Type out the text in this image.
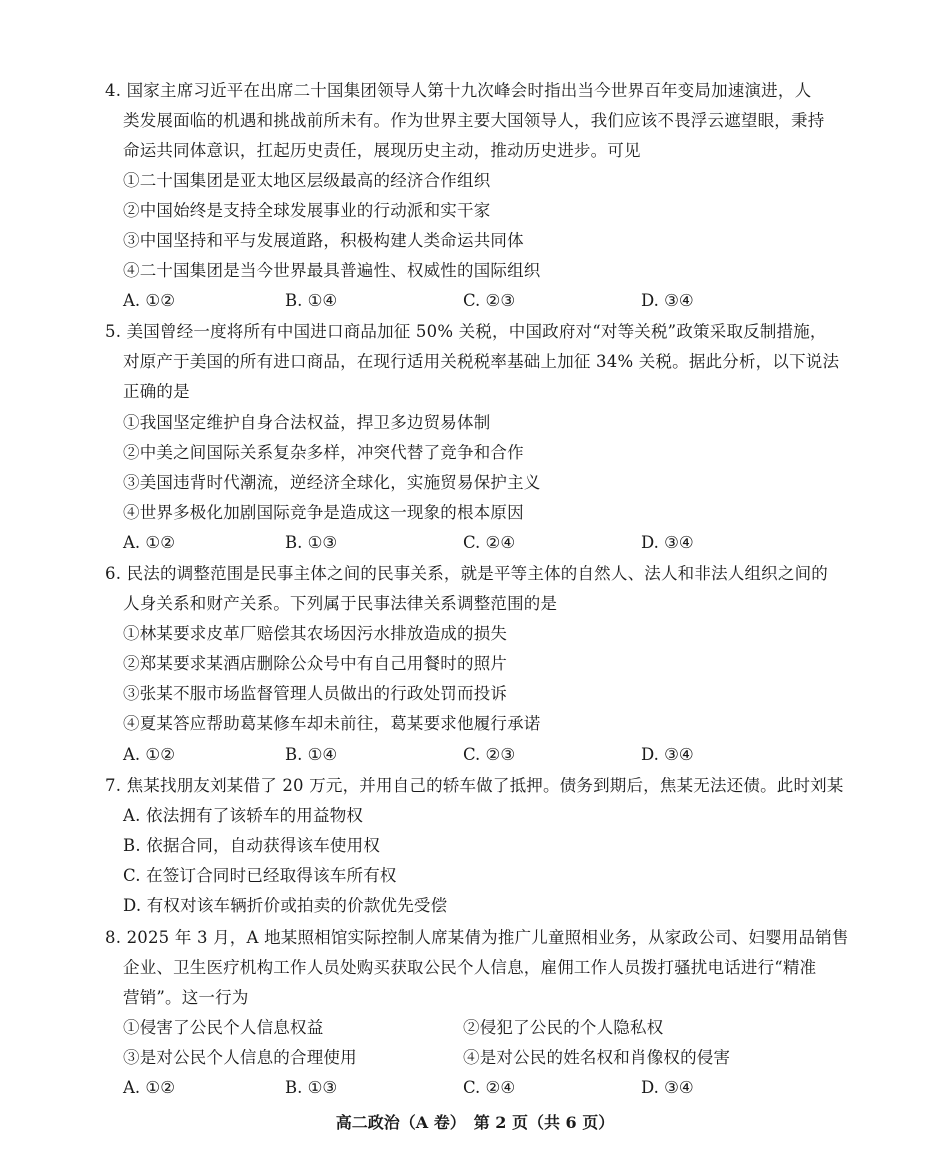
4. 国家主席习近平在出席二十国集团领导人第十九次峰会时指出当今世界百年变局加速演进，人
类发展面临的机遇和挑战前所未有。作为世界主要大国领导人，我们应该不畏浮云遮望眼，秉持
命运共同体意识，扛起历史责任，展现历史主动，推动历史进步。可见
①二十国集团是亚太地区层级最高的经济合作组织
②中国始终是支持全球发展事业的行动派和实干家
③中国坚持和平与发展道路，积极构建人类命运共同体
④二十国集团是当今世界最具普遍性、权威性的国际组织
A. ①②	B. ①④	C. ②③	D. ③④
5. 美国曾经一度将所有中国进口商品加征 50% 关税，中国政府对“对等关税”政策采取反制措施，
对原产于美国的所有进口商品，在现行适用关税税率基础上加征 34% 关税。据此分析，以下说法
正确的是
①我国坚定维护自身合法权益，捍卫多边贸易体制
②中美之间国际关系复杂多样，冲突代替了竞争和合作
③美国违背时代潮流，逆经济全球化，实施贸易保护主义
④世界多极化加剧国际竞争是造成这一现象的根本原因
A. ①②	B. ①③	C. ②④	D. ③④
6. 民法的调整范围是民事主体之间的民事关系，就是平等主体的自然人、法人和非法人组织之间的
人身关系和财产关系。下列属于民事法律关系调整范围的是
①林某要求皮革厂赔偿其农场因污水排放造成的损失
②郑某要求某酒店删除公众号中有自己用餐时的照片
③张某不服市场监督管理人员做出的行政处罚而投诉
④夏某答应帮助葛某修车却未前往，葛某要求他履行承诺
A. ①②	B. ①④	C. ②③	D. ③④
7. 焦某找朋友刘某借了 20 万元，并用自己的轿车做了抵押。债务到期后，焦某无法还债。此时刘某
A. 依法拥有了该轿车的用益物权
B. 依据合同，自动获得该车使用权
C. 在签订合同时已经取得该车所有权
D. 有权对该车辆折价或拍卖的价款优先受偿
8. 2025 年 3 月，A 地某照相馆实际控制人席某倩为推广儿童照相业务，从家政公司、妇婴用品销售
企业、卫生医疗机构工作人员处购买获取公民个人信息，雇佣工作人员拨打骚扰电话进行“精准
营销”。这一行为
①侵害了公民个人信息权益	②侵犯了公民的个人隐私权
③是对公民个人信息的合理使用	④是对公民的姓名权和肖像权的侵害
A. ①②	B. ①③	C. ②④	D. ③④
高二政治（A 卷）　第 2 页（共 6 页）
